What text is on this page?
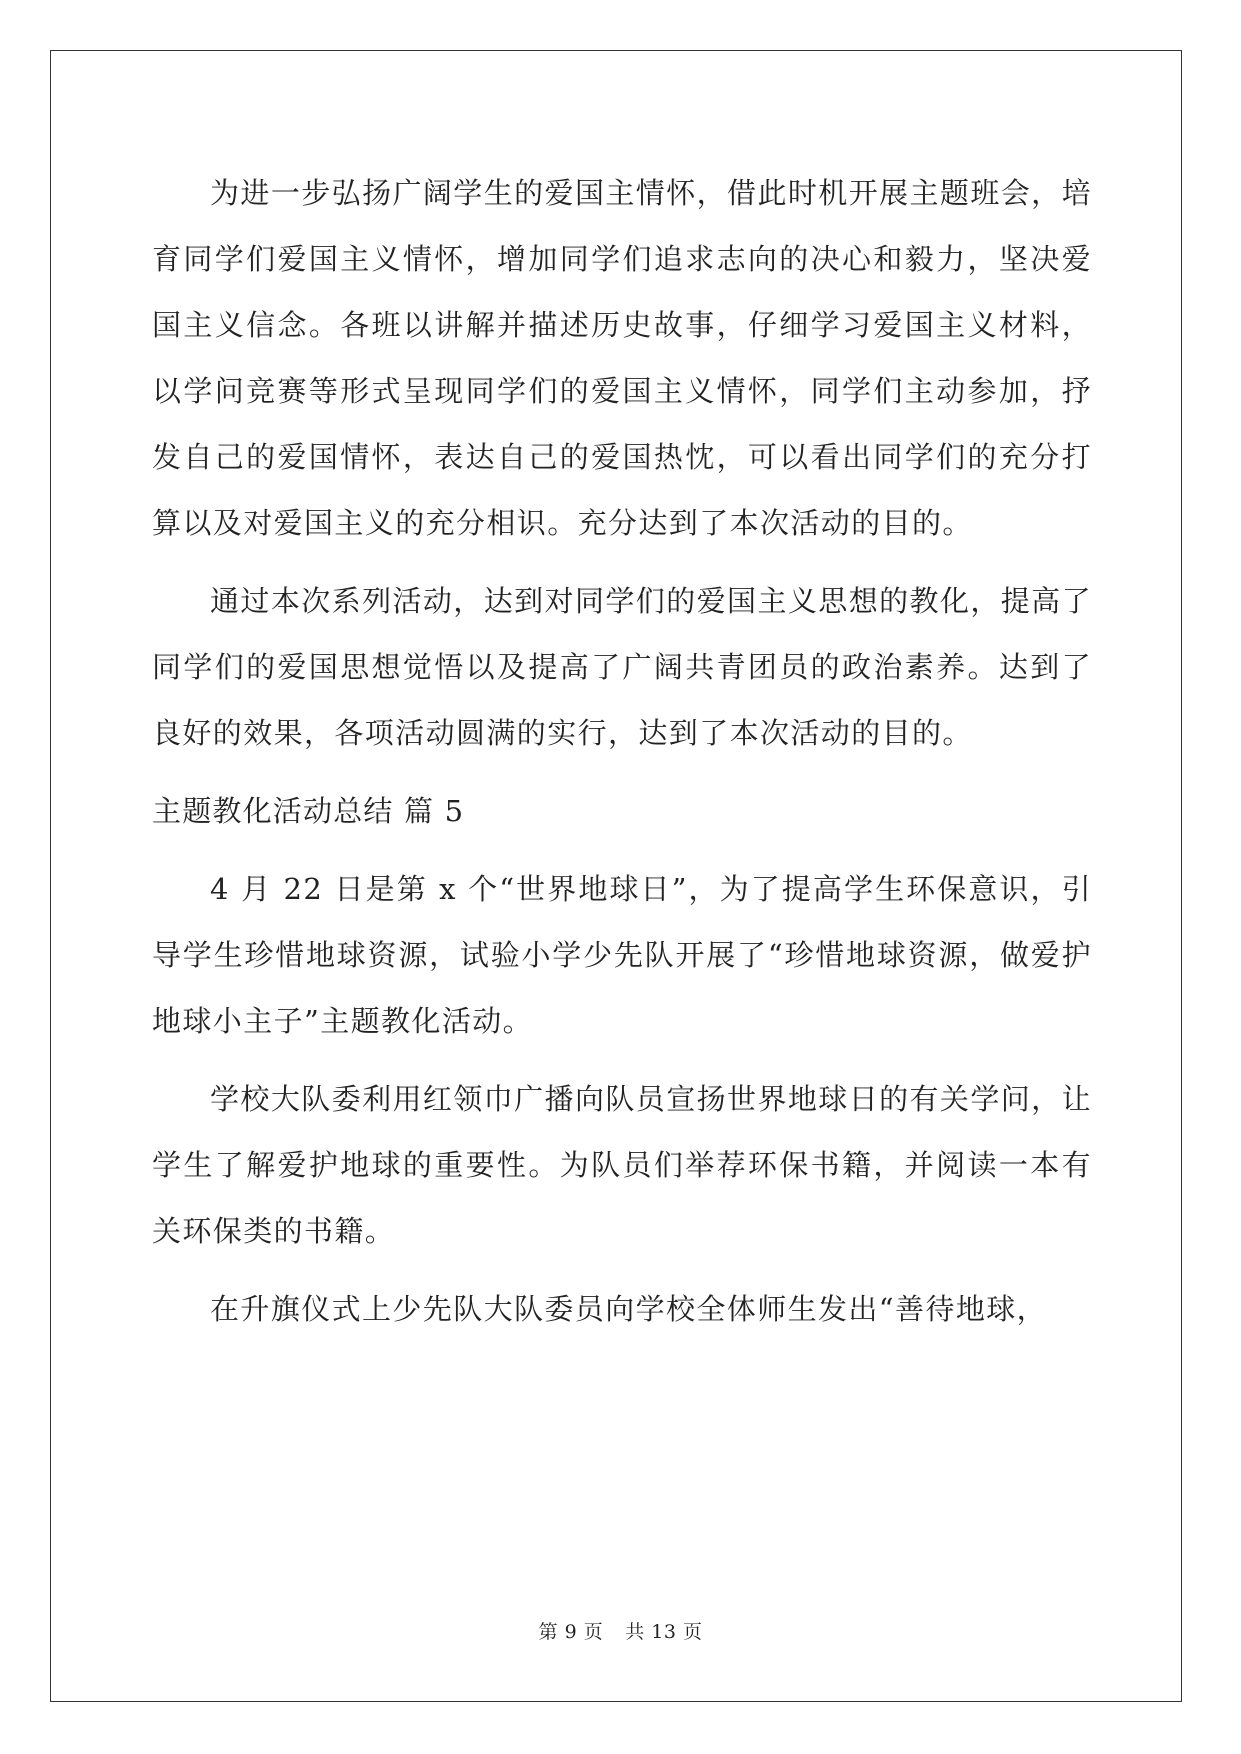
为进一步弘扬广阔学生的爱国主情怀，借此时机开展主题班会，培育同学们爱国主义情怀，增加同学们追求志向的决心和毅力，坚决爱国主义信念。各班以讲解并描述历史故事，仔细学习爱国主义材料，以学问竞赛等形式呈现同学们的爱国主义情怀，同学们主动参加，抒发自己的爱国情怀，表达自己的爱国热忱，可以看出同学们的充分打算以及对爱国主义的充分相识。充分达到了本次活动的目的。

通过本次系列活动，达到对同学们的爱国主义思想的教化，提高了同学们的爱国思想觉悟以及提高了广阔共青团员的政治素养。达到了良好的效果，各项活动圆满的实行，达到了本次活动的目的。

主题教化活动总结 篇 5

4 月 22 日是第 x 个“世界地球日”，为了提高学生环保意识，引导学生珍惜地球资源，试验小学少先队开展了“珍惜地球资源，做爱护地球小主子”主题教化活动。

学校大队委利用红领巾广播向队员宣扬世界地球日的有关学问，让学生了解爱护地球的重要性。为队员们举荐环保书籍，并阅读一本有关环保类的书籍。

在升旗仪式上少先队大队委员向学校全体师生发出“善待地球，

第 9 页 共 13 页
